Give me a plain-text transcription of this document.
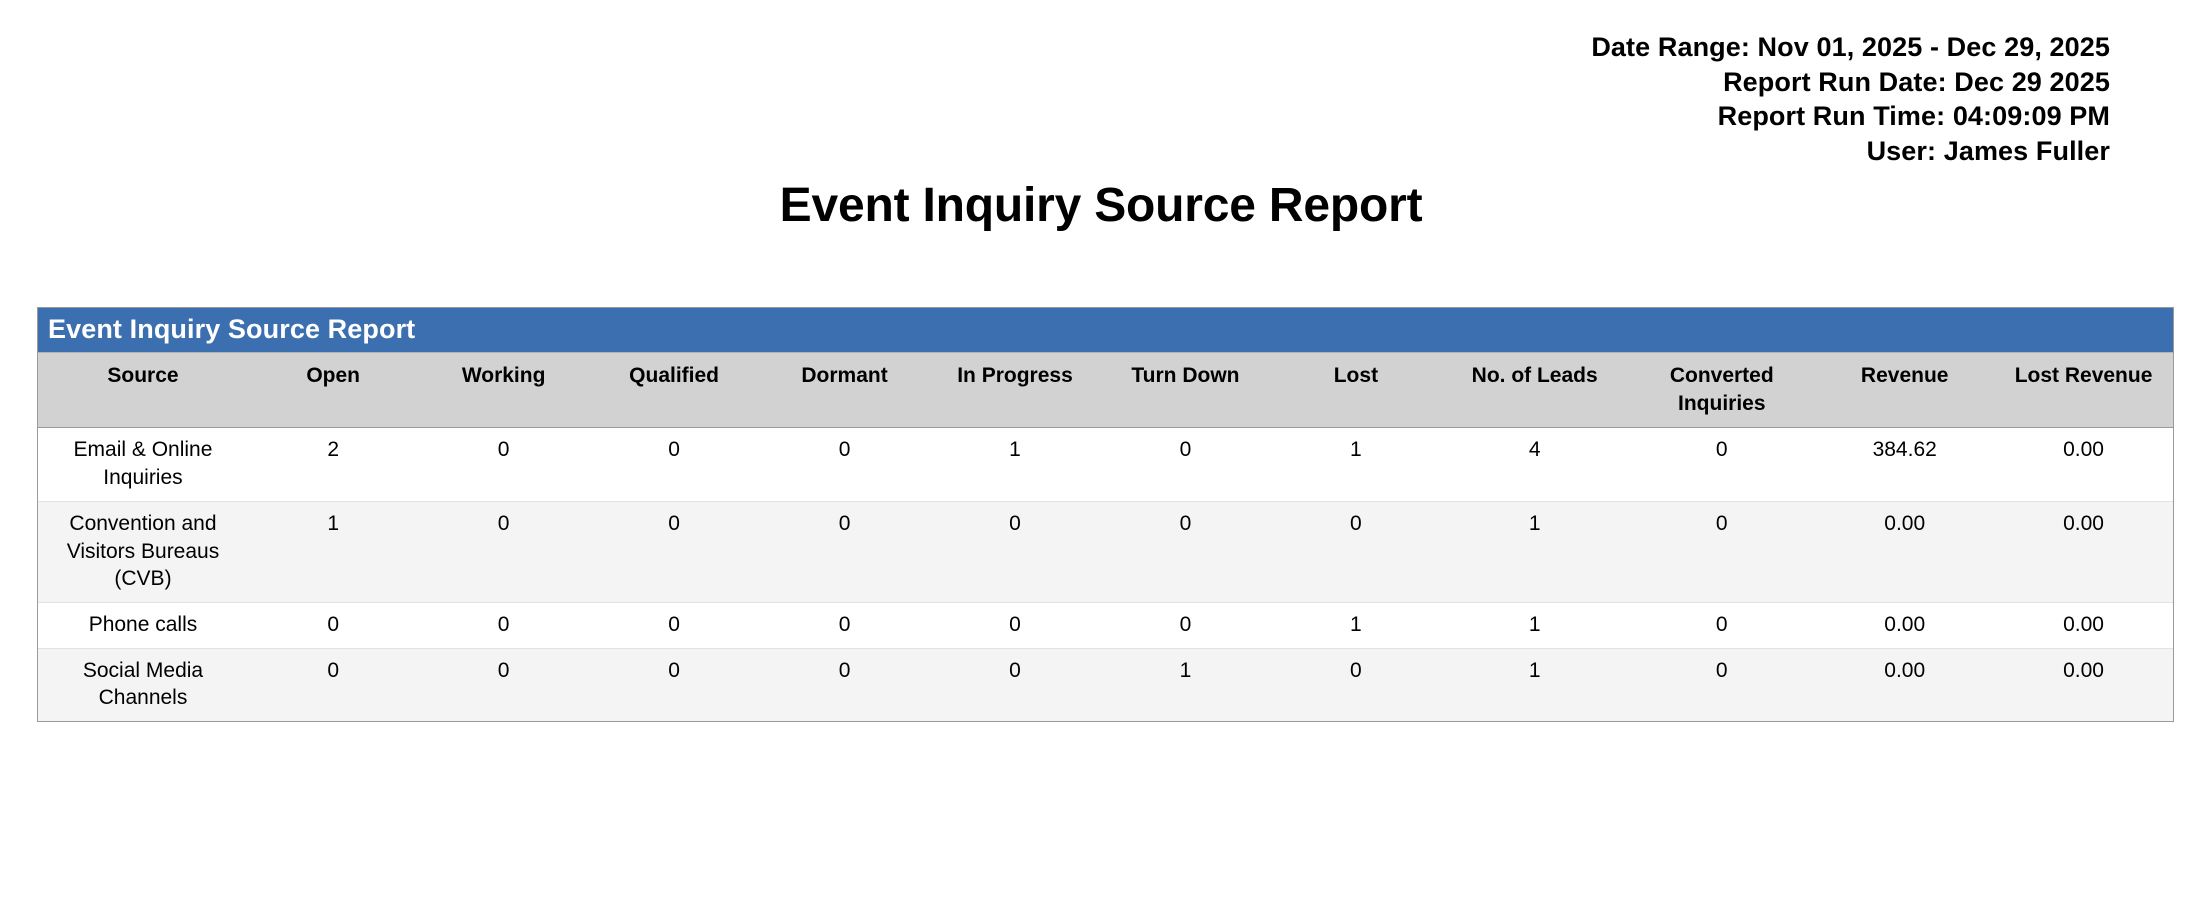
Date Range: Nov 01, 2025 - Dec 29, 2025
Report Run Date: Dec 29 2025
Report Run Time: 04:09:09 PM
User: James Fuller
Event Inquiry Source Report
Event Inquiry Source Report
Source	Open	Working	Qualified	Dormant	In Progress	Turn Down	Lost	No. of Leads	Converted Inquiries	Revenue	Lost Revenue
Email & Online Inquiries	2	0	0	0	1	0	1	4	0	384.62	0.00
Convention and Visitors Bureaus (CVB)	1	0	0	0	0	0	0	1	0	0.00	0.00
Phone calls	0	0	0	0	0	0	1	1	0	0.00	0.00
Social Media Channels	0	0	0	0	0	1	0	1	0	0.00	0.00
